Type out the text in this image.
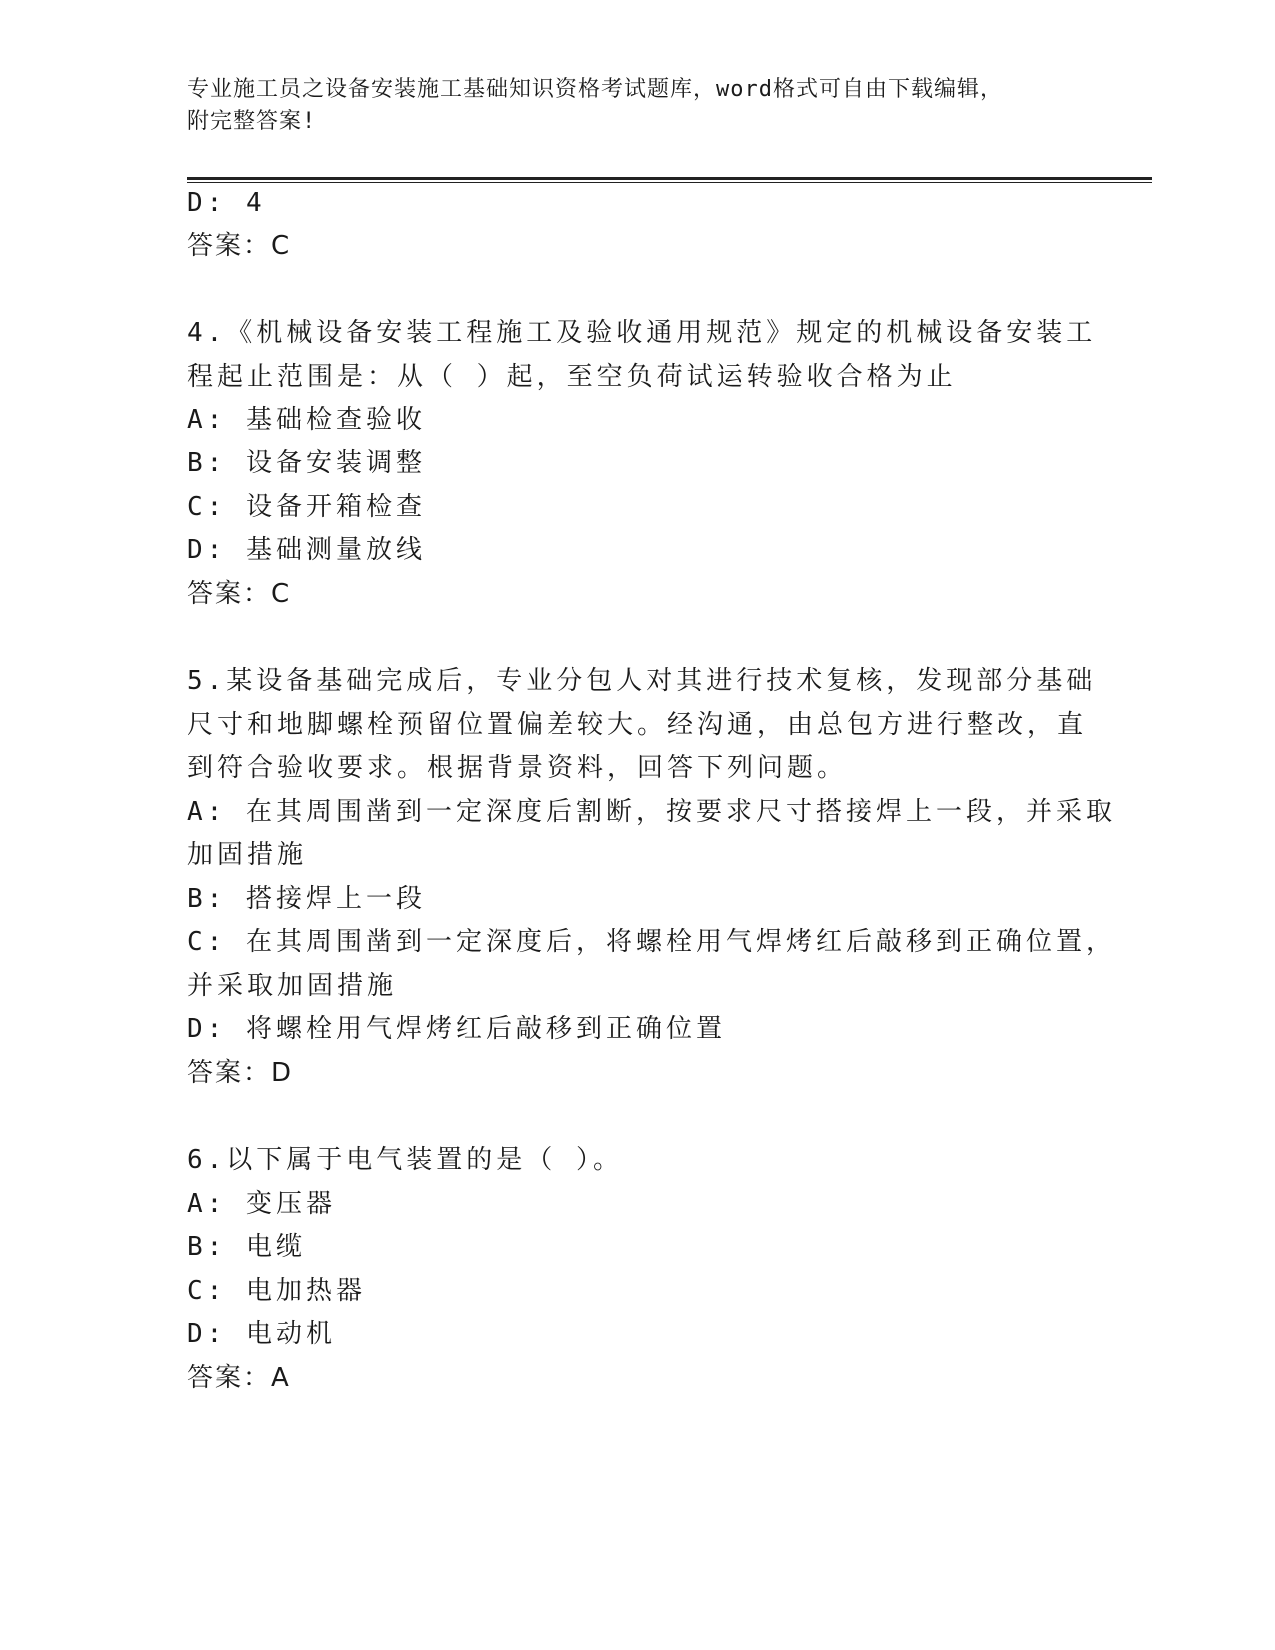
专业施工员之设备安装施工基础知识资格考试题库，word格式可自由下载编辑，
附完整答案!
D: 4
答案：C
4.《机械设备安装工程施工及验收通用规范》规定的机械设备安装工
程起止范围是：从（ ）起，至空负荷试运转验收合格为止
A: 基础检查验收
B: 设备安装调整
C: 设备开箱检查
D: 基础测量放线
答案：C
5.某设备基础完成后，专业分包人对其进行技术复核，发现部分基础
尺寸和地脚螺栓预留位置偏差较大。经沟通，由总包方进行整改，直
到符合验收要求。根据背景资料，回答下列问题。
A: 在其周围凿到一定深度后割断，按要求尺寸搭接焊上一段，并采取
加固措施
B: 搭接焊上一段
C: 在其周围凿到一定深度后，将螺栓用气焊烤红后敲移到正确位置，
并采取加固措施
D: 将螺栓用气焊烤红后敲移到正确位置
答案：D
6.以下属于电气装置的是（ ）。
A: 变压器
B: 电缆
C: 电加热器
D: 电动机
答案：A
